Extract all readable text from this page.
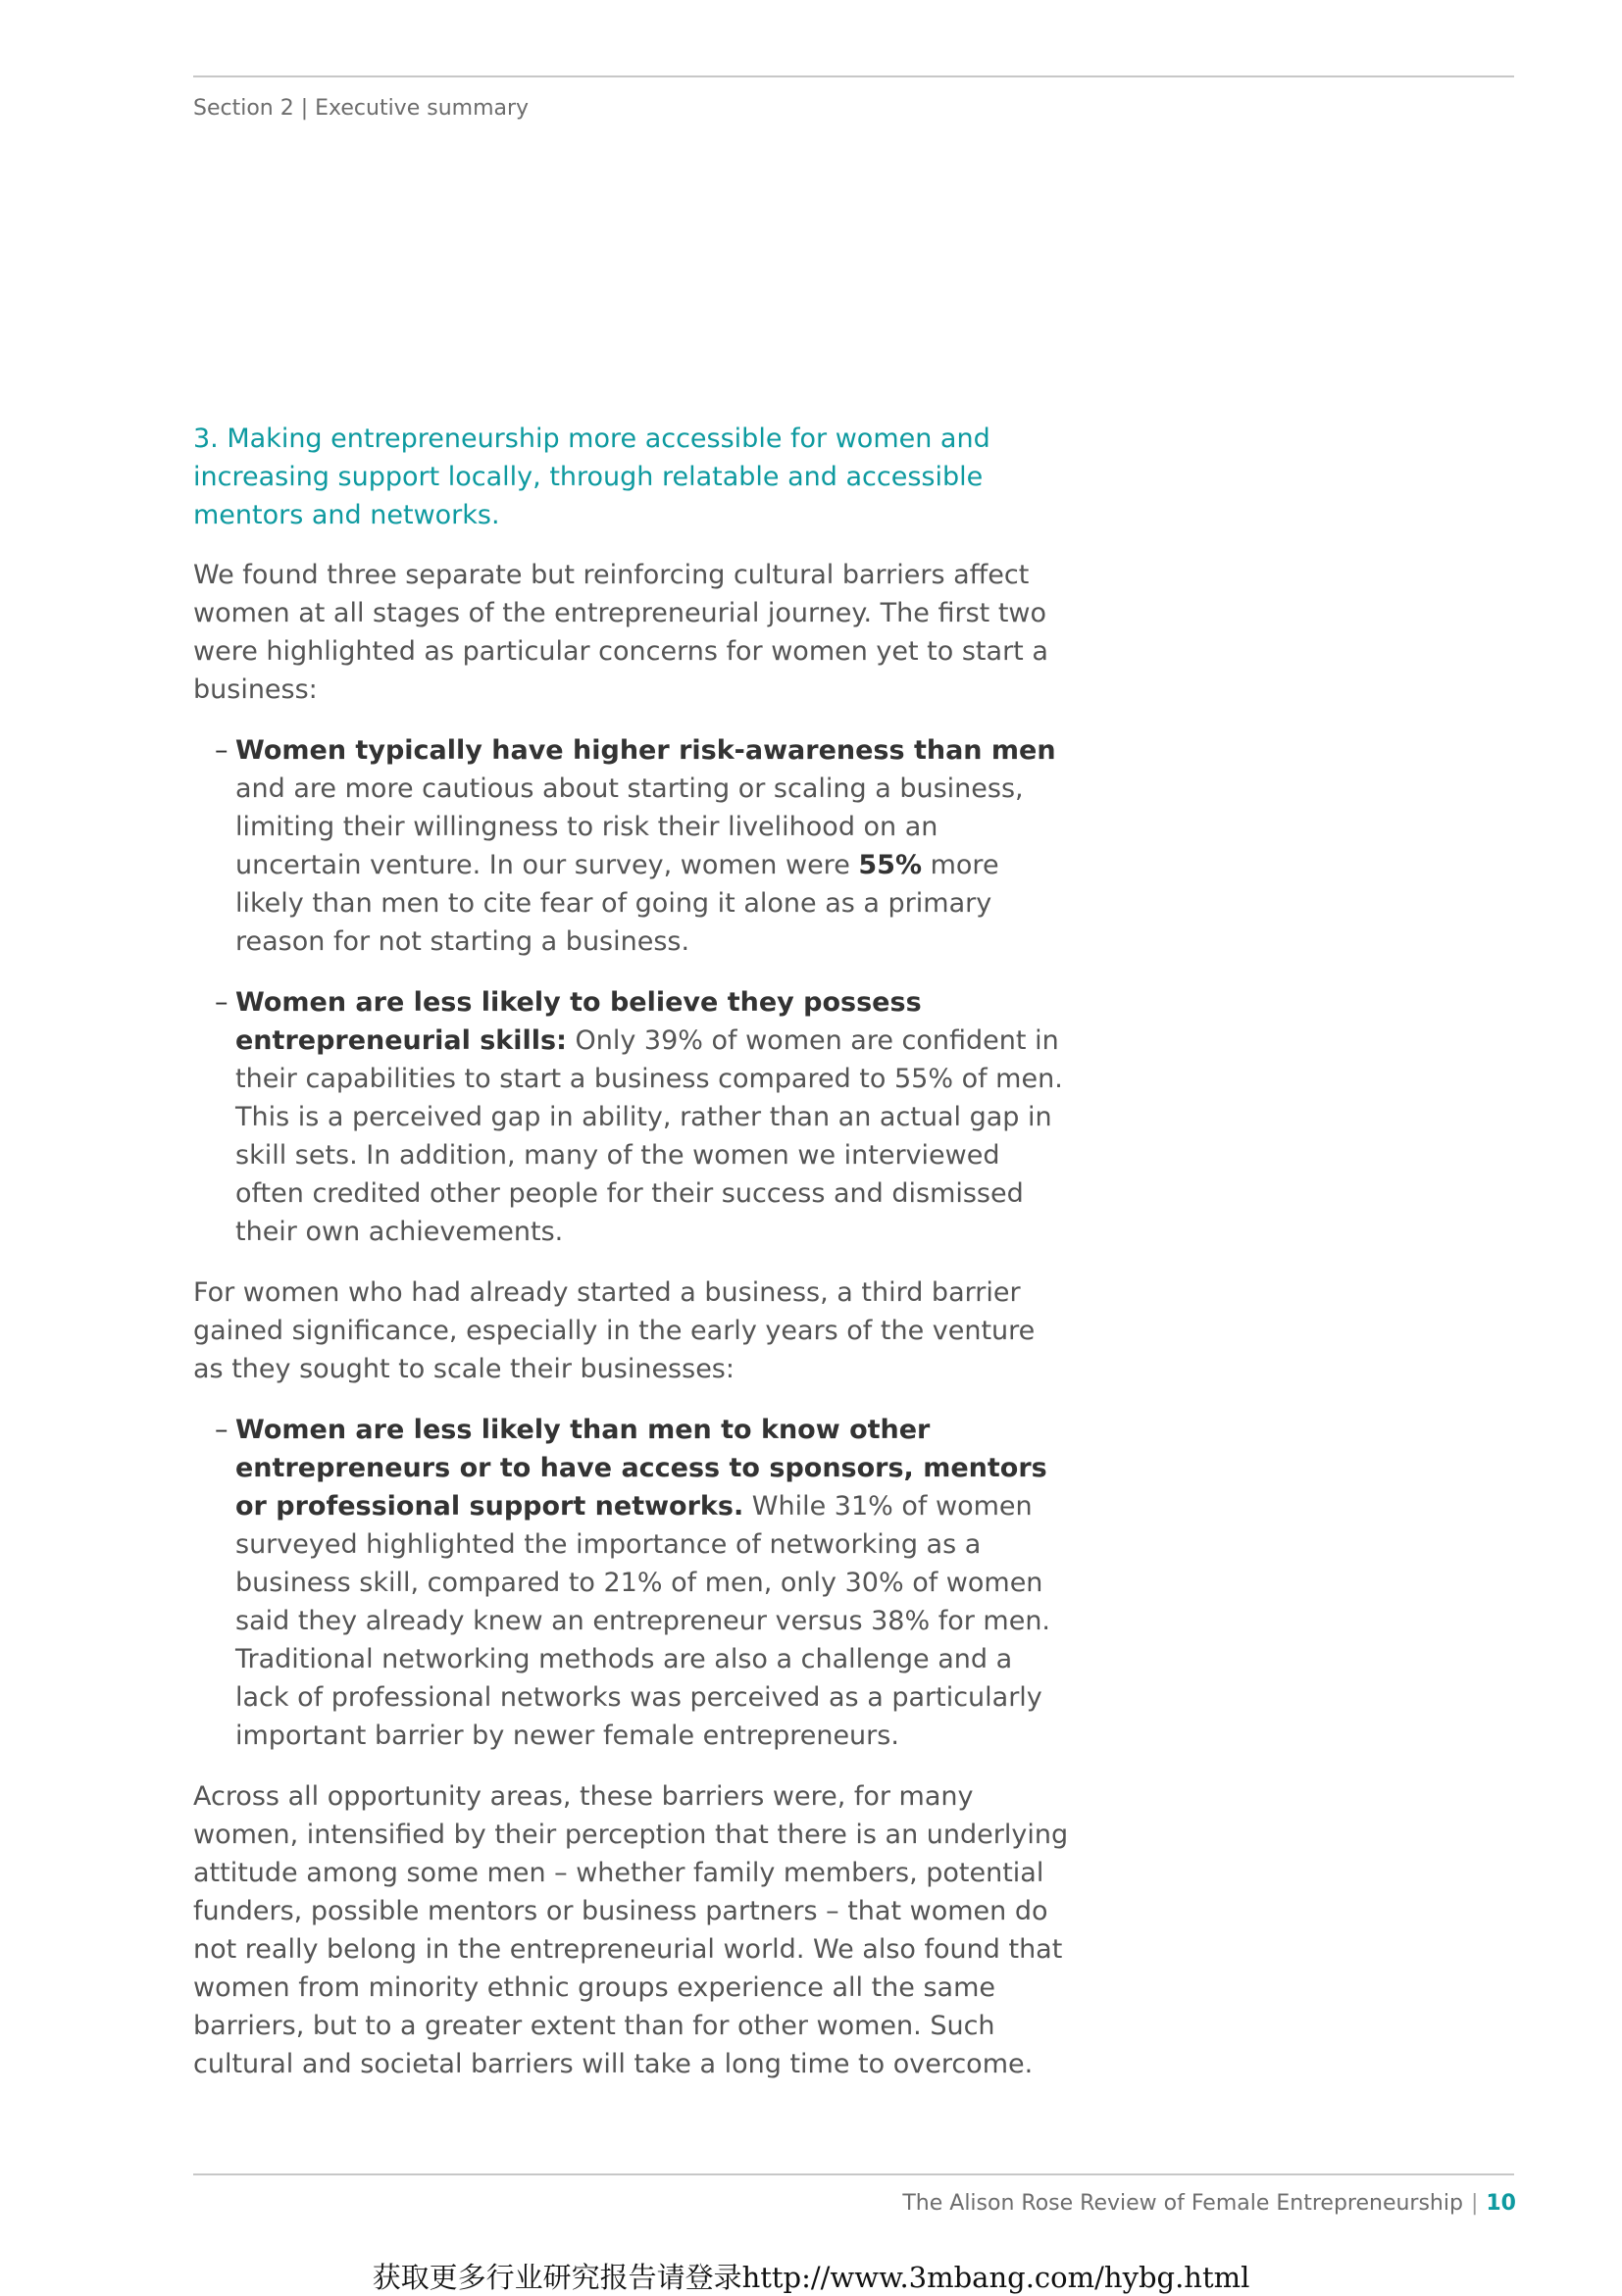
Section 2 | Executive summary
3. Making entrepreneurship more accessible for women and increasing support locally, through relatable and accessible mentors and networks.

We found three separate but reinforcing cultural barriers affect women at all stages of the entrepreneurial journey. The first two were highlighted as particular concerns for women yet to start a business:

– Women typically have higher risk-awareness than men and are more cautious about starting or scaling a business, limiting their willingness to risk their livelihood on an uncertain venture. In our survey, women were 55% more likely than men to cite fear of going it alone as a primary reason for not starting a business.
– Women are less likely to believe they possess entrepreneurial skills: Only 39% of women are confident in their capabilities to start a business compared to 55% of men. This is a perceived gap in ability, rather than an actual gap in skill sets. In addition, many of the women we interviewed often credited other people for their success and dismissed their own achievements.

For women who had already started a business, a third barrier gained significance, especially in the early years of the venture as they sought to scale their businesses:

– Women are less likely than men to know other entrepreneurs or to have access to sponsors, mentors or professional support networks. While 31% of women surveyed highlighted the importance of networking as a business skill, compared to 21% of men, only 30% of women said they already knew an entrepreneur versus 38% for men. Traditional networking methods are also a challenge and a lack of professional networks was perceived as a particularly important barrier by newer female entrepreneurs.

Across all opportunity areas, these barriers were, for many women, intensified by their perception that there is an underlying attitude among some men – whether family members, potential funders, possible mentors or business partners – that women do not really belong in the entrepreneurial world. We also found that women from minority ethnic groups experience all the same barriers, but to a greater extent than for other women. Such cultural and societal barriers will take a long time to overcome.

The Alison Rose Review of Female Entrepreneurship | 10
获取更多行业研究报告请登录http://www.3mbang.com/hybg.html
